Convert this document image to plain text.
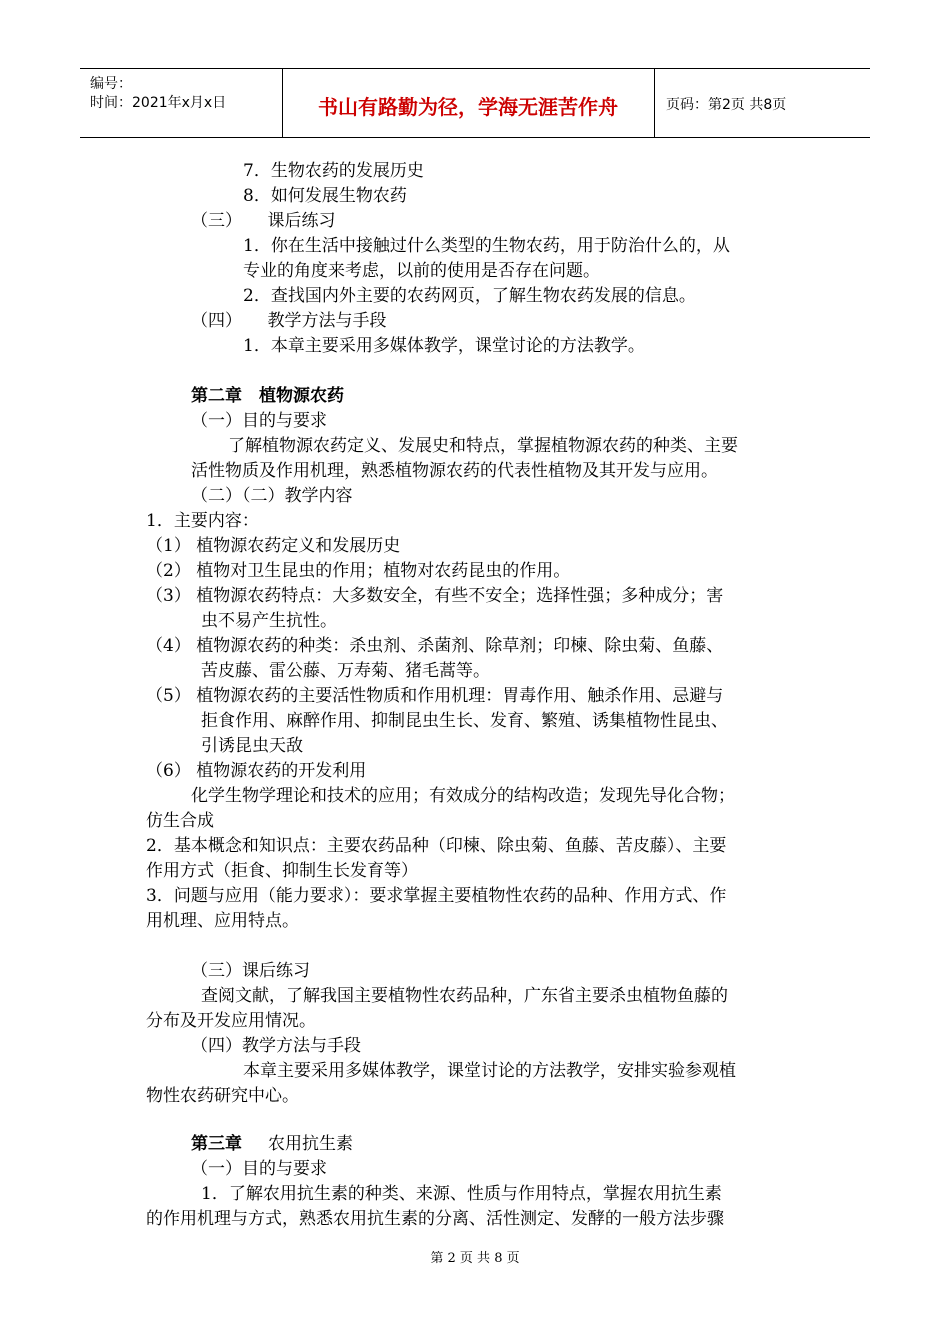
编号：
时间：2021年x月x日	书山有路勤为径，学海无涯苦作舟	页码：第2页 共8页
7．生物农药的发展历史
8．如何发展生物农药
（三）　　课后练习
1．你在生活中接触过什么类型的生物农药，用于防治什么的，从
专业的角度来考虑，以前的使用是否存在问题。
2．查找国内外主要的农药网页，了解生物农药发展的信息。
（四）　　教学方法与手段
1．本章主要采用多媒体教学，课堂讨论的方法教学。
第二章　植物源农药
（一）目的与要求
了解植物源农药定义、发展史和特点，掌握植物源农药的种类、主要
活性物质及作用机理，熟悉植物源农药的代表性植物及其开发与应用。
（二）（二）教学内容
1．主要内容：
（1） 植物源农药定义和发展历史
（2） 植物对卫生昆虫的作用；植物对农药昆虫的作用。
（3） 植物源农药特点：大多数安全，有些不安全；选择性强；多种成分；害
虫不易产生抗性。
（4） 植物源农药的种类：杀虫剂、杀菌剂、除草剂；印楝、除虫菊、鱼藤、
苦皮藤、雷公藤、万寿菊、猪毛蒿等。
（5） 植物源农药的主要活性物质和作用机理：胃毒作用、触杀作用、忌避与
拒食作用、麻醉作用、抑制昆虫生长、发育、繁殖、诱集植物性昆虫、
引诱昆虫天敌
（6） 植物源农药的开发利用
化学生物学理论和技术的应用；有效成分的结构改造；发现先导化合物；
仿生合成
2．基本概念和知识点：主要农药品种（印楝、除虫菊、鱼藤、苦皮藤）、主要
作用方式（拒食、抑制生长发育等）
3．问题与应用（能力要求）：要求掌握主要植物性农药的品种、作用方式、作
用机理、应用特点。
（三）课后练习
查阅文献，了解我国主要植物性农药品种，广东省主要杀虫植物鱼藤的
分布及开发应用情况。
（四）教学方法与手段
本章主要采用多媒体教学，课堂讨论的方法教学，安排实验参观植
物性农药研究中心。
第三章 农用抗生素
（一）目的与要求
1．了解农用抗生素的种类、来源、性质与作用特点，掌握农用抗生素
的作用机理与方式，熟悉农用抗生素的分离、活性测定、发酵的一般方法步骤
第 2 页 共 8 页
